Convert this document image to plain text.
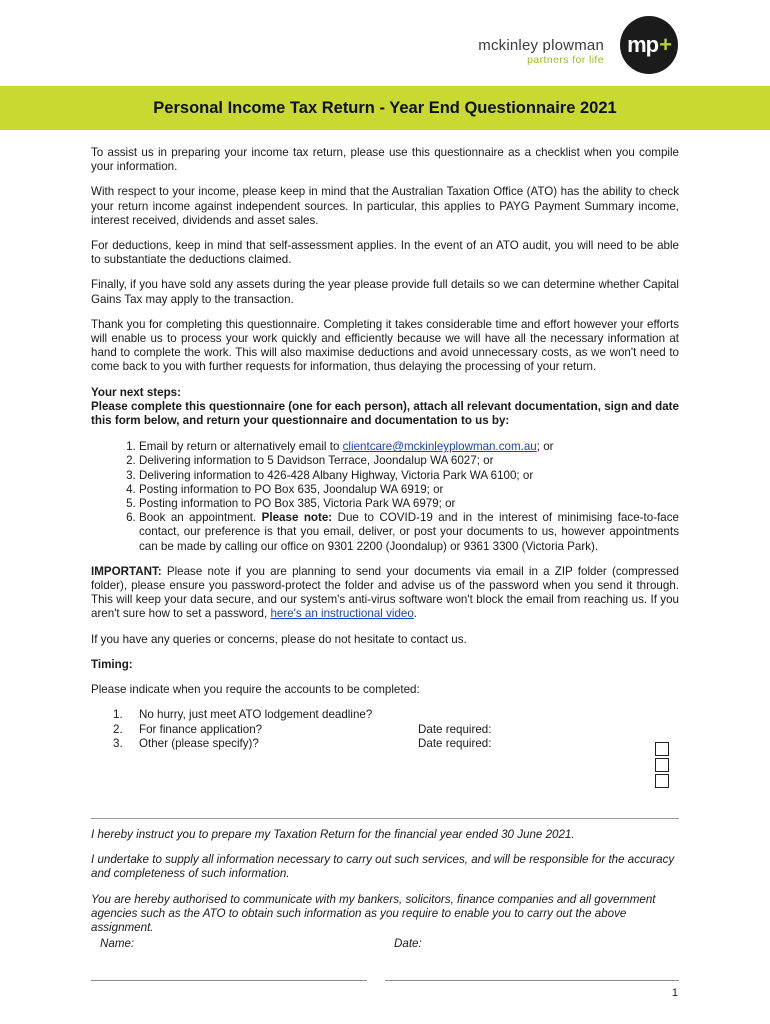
mckinley plowman
partners for life
mp +
Personal Income Tax Return - Year End Questionnaire 2021

To assist us in preparing your income tax return, please use this questionnaire as a checklist when you compile your information.

With respect to your income, please keep in mind that the Australian Taxation Office (ATO) has the ability to check your return income against independent sources. In particular, this applies to PAYG Payment Summary income, interest received, dividends and asset sales.

For deductions, keep in mind that self-assessment applies. In the event of an ATO audit, you will need to be able to substantiate the deductions claimed.

Finally, if you have sold any assets during the year please provide full details so we can determine whether Capital Gains Tax may apply to the transaction.

Thank you for completing this questionnaire. Completing it takes considerable time and effort however your efforts will enable us to process your work quickly and efficiently because we will have all the necessary information at hand to complete the work. This will also maximise deductions and avoid unnecessary costs, as we won't need to come back to you with further requests for information, thus delaying the processing of your return.

Your next steps:

Please complete this questionnaire (one for each person), attach all relevant documentation, sign and date this form below, and return your questionnaire and documentation to us by:

1. Email by return or alternatively email to clientcare@mckinleyplowman.com.au; or
2. Delivering information to 5 Davidson Terrace, Joondalup WA 6027; or
3. Delivering information to 426-428 Albany Highway, Victoria Park WA 6100; or
4. Posting information to PO Box 635, Joondalup WA 6919; or
5. Posting information to PO Box 385, Victoria Park WA 6979; or
6. Book an appointment. Please note: Due to COVID-19 and in the interest of minimising face-to-face contact, our preference is that you email, deliver, or post your documents to us, however appointments can be made by calling our office on 9301 2200 (Joondalup) or 9361 3300 (Victoria Park).

IMPORTANT: Please note if you are planning to send your documents via email in a ZIP folder (compressed folder), please ensure you password-protect the folder and advise us of the password when you send it through. This will keep your data secure, and our system's anti-virus software won't block the email from reaching us. If you aren't sure how to set a password, here's an instructional video.

If you have any queries or concerns, please do not hesitate to contact us.

Timing:

Please indicate when you require the accounts to be completed:

1. No hurry, just meet ATO lodgement deadline?
2. For finance application?	Date required:
3. Other (please specify)?	Date required:

I hereby instruct you to prepare my Taxation Return for the financial year ended 30 June 2021.

I undertake to supply all information necessary to carry out such services, and will be responsible for the accuracy and completeness of such information.

You are hereby authorised to communicate with my bankers, solicitors, finance companies and all government agencies such as the ATO to obtain such information as you require to enable you to carry out the above assignment.

Name:	Date:
1
